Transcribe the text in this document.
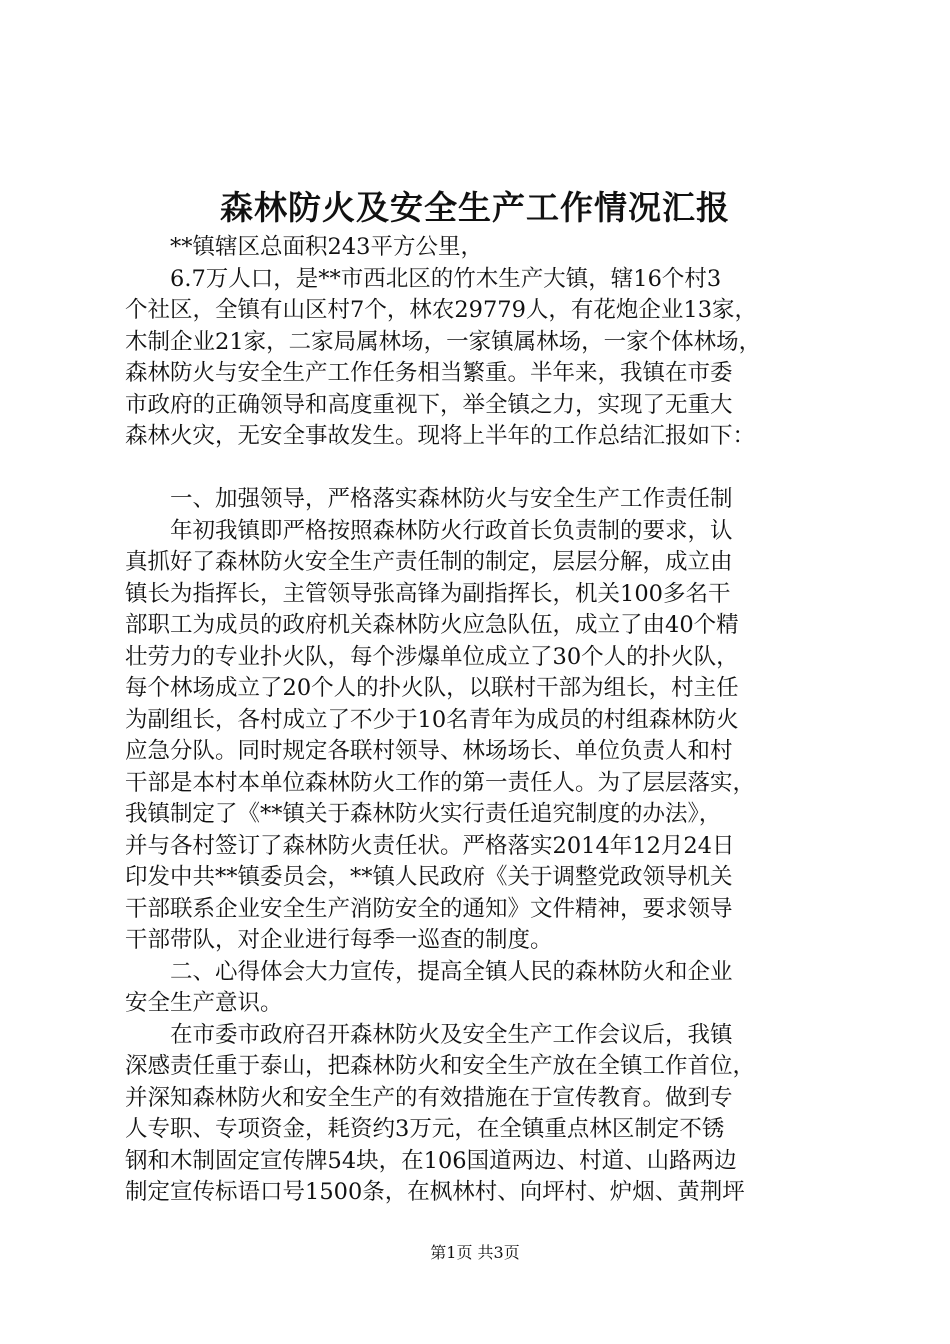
森林防火及安全生产工作情况汇报

**镇辖区总面积243平方公里，

6.7万人口，是**市西北区的竹木生产大镇，辖16个村3
个社区，全镇有山区村7个，林农29779人，有花炮企业13家，
木制企业21家，二家局属林场，一家镇属林场，一家个体林场，
森林防火与安全生产工作任务相当繁重。半年来，我镇在市委
市政府的正确领导和高度重视下，举全镇之力，实现了无重大
森林火灾，无安全事故发生。现将上半年的工作总结汇报如下：

一、加强领导，严格落实森林防火与安全生产工作责任制

年初我镇即严格按照森林防火行政首长负责制的要求，认
真抓好了森林防火安全生产责任制的制定，层层分解，成立由
镇长为指挥长，主管领导张高锋为副指挥长，机关100多名干
部职工为成员的政府机关森林防火应急队伍，成立了由40个精
壮劳力的专业扑火队，每个涉爆单位成立了30个人的扑火队，
每个林场成立了20个人的扑火队，以联村干部为组长，村主任
为副组长，各村成立了不少于10名青年为成员的村组森林防火
应急分队。同时规定各联村领导、林场场长、单位负责人和村
干部是本村本单位森林防火工作的第一责任人。为了层层落实，
我镇制定了《**镇关于森林防火实行责任追究制度的办法》，
并与各村签订了森林防火责任状。严格落实2014年12月24日
印发中共**镇委员会，**镇人民政府《关于调整党政领导机关
干部联系企业安全生产消防安全的通知》文件精神，要求领导
干部带队，对企业进行每季一巡查的制度。

二、心得体会大力宣传，提高全镇人民的森林防火和企业
安全生产意识。

在市委市政府召开森林防火及安全生产工作会议后，我镇
深感责任重于泰山，把森林防火和安全生产放在全镇工作首位，
并深知森林防火和安全生产的有效措施在于宣传教育。做到专
人专职、专项资金，耗资约3万元，在全镇重点林区制定不锈
钢和木制固定宣传牌54块，在106国道两边、村道、山路两边
制定宣传标语口号1500条，在枫林村、向坪村、炉烟、黄荆坪

第1页 共3页
